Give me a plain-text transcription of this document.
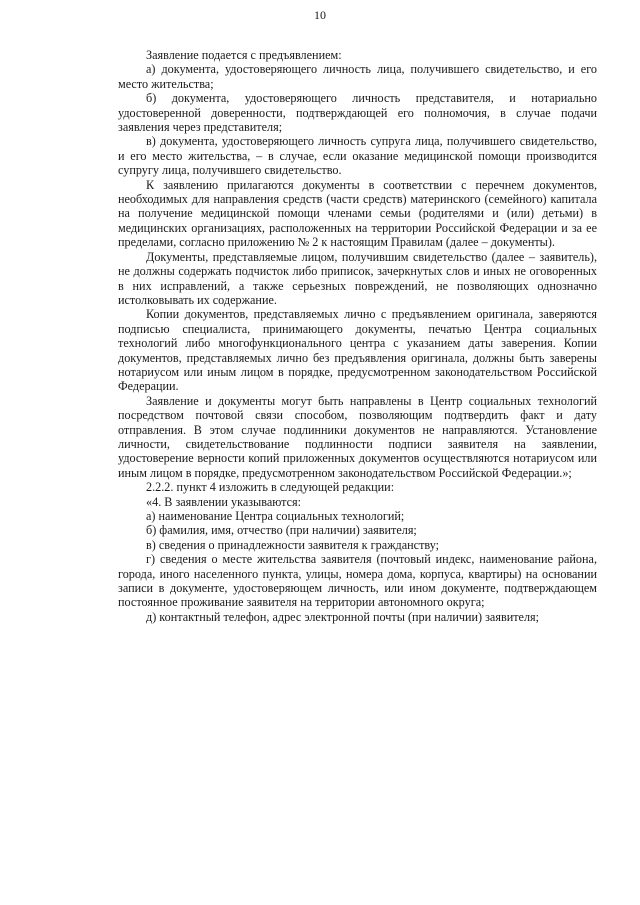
10

Заявление подается с предъявлением:

а) документа, удостоверяющего личность лица, получившего свидетельство, и его место жительства;

б) документа, удостоверяющего личность представителя, и нотариально удостоверенной доверенности, подтверждающей его полномочия, в случае подачи заявления через представителя;

в) документа, удостоверяющего личность супруга лица, получившего свидетельство, и его место жительства, – в случае, если оказание медицинской помощи производится супругу лица, получившего свидетельство.

К заявлению прилагаются документы в соответствии с перечнем документов, необходимых для направления средств (части средств) материнского (семейного) капитала на получение медицинской помощи членами семьи (родителями и (или) детьми) в медицинских организациях, расположенных на территории Российской Федерации и за ее пределами, согласно приложению № 2 к настоящим Правилам (далее – документы).

Документы, представляемые лицом, получившим свидетельство (далее – заявитель), не должны содержать подчисток либо приписок, зачеркнутых слов и иных не оговоренных в них исправлений, а также серьезных повреждений, не позволяющих однозначно истолковывать их содержание.

Копии документов, представляемых лично с предъявлением оригинала, заверяются подписью специалиста, принимающего документы, печатью Центра социальных технологий либо многофункционального центра с указанием даты заверения. Копии документов, представляемых лично без предъявления оригинала, должны быть заверены нотариусом или иным лицом в порядке, предусмотренном законодательством Российской Федерации.

Заявление и документы могут быть направлены в Центр социальных технологий посредством почтовой связи способом, позволяющим подтвердить факт и дату отправления. В этом случае подлинники документов не направляются. Установление личности, свидетельствование подлинности подписи заявителя на заявлении, удостоверение верности копий приложенных документов осуществляются нотариусом или иным лицом в порядке, предусмотренном законодательством Российской Федерации.»;

2.2.2. пункт 4 изложить в следующей редакции:

«4. В заявлении указываются:

а) наименование Центра социальных технологий;

б) фамилия, имя, отчество (при наличии) заявителя;

в) сведения о принадлежности заявителя к гражданству;

г) сведения о месте жительства заявителя (почтовый индекс, наименование района, города, иного населенного пункта, улицы, номера дома, корпуса, квартиры) на основании записи в документе, удостоверяющем личность, или ином документе, подтверждающем постоянное проживание заявителя на территории автономного округа;

д) контактный телефон, адрес электронной почты (при наличии) заявителя;
